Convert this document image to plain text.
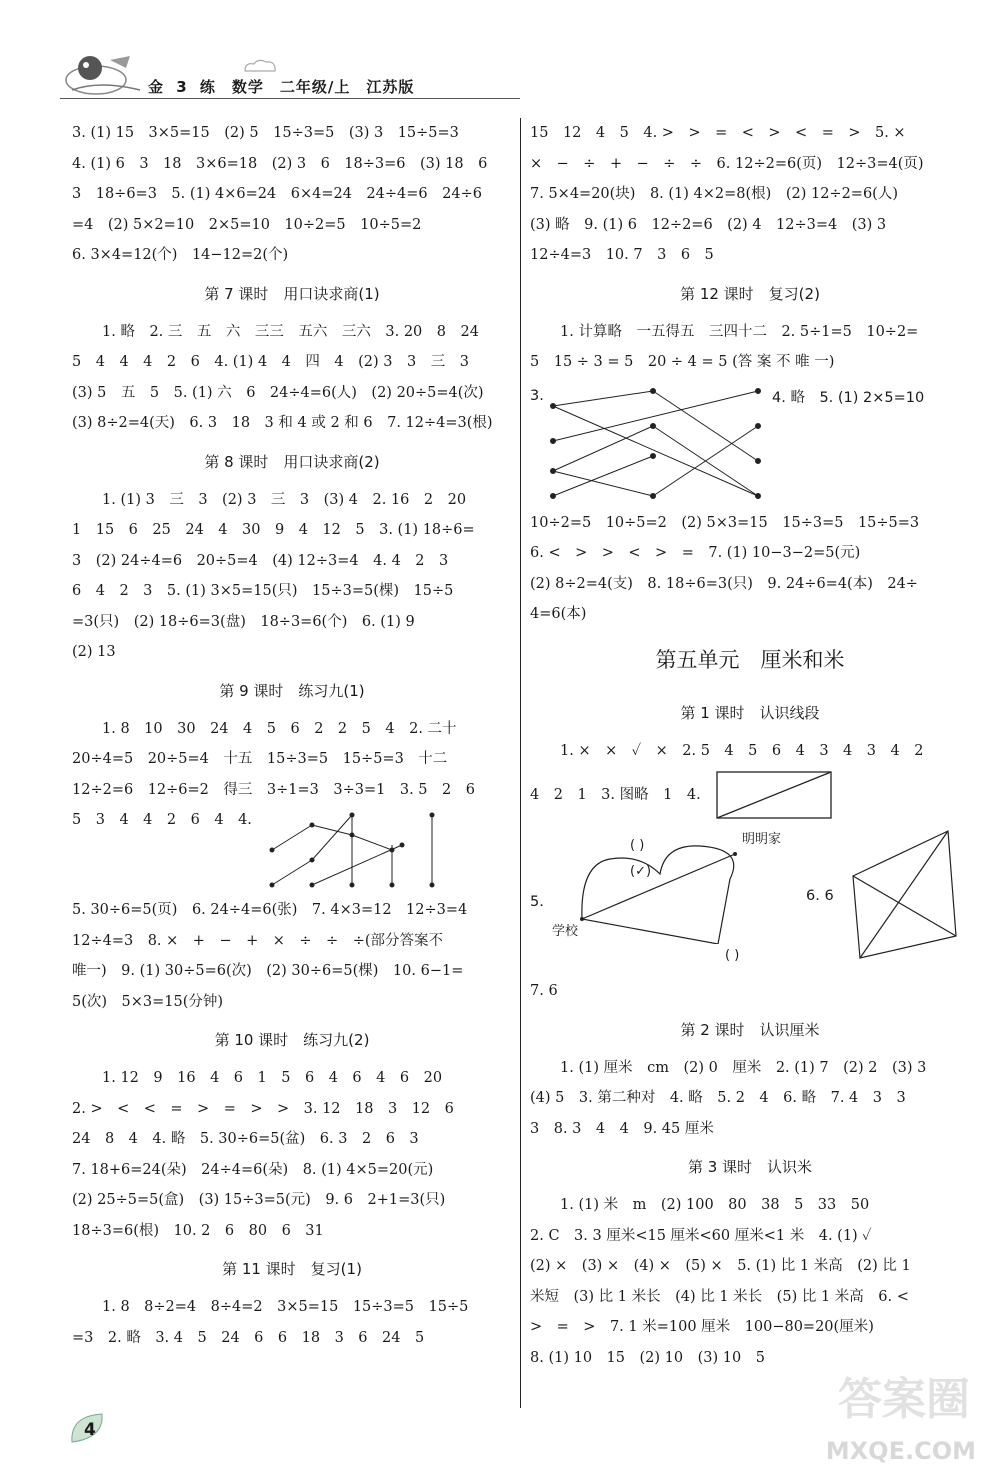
金 3 练　数学　二年级/上　江苏版
3. (1) 15　3×5=15　(2) 5　15÷3=5　(3) 3　15÷5=3
4. (1) 6　3　18　3×6=18　(2) 3　6　18÷3=6　(3) 18　6
3　18÷6=3　5. (1) 4×6=24　6×4=24　24÷4=6　24÷6
=4　(2) 5×2=10　2×5=10　10÷2=5　10÷5=2
6. 3×4=12(个)　14−12=2(个)
第 7 课时　用口诀求商(1)
1. 略　2. 三　五　六　三三　五六　三六　3. 20　8　24
5　4　4　4　2　6　4. (1) 4　4　四　4　(2) 3　3　三　3
(3) 5　五　5　5. (1) 六　6　24÷4=6(人)　(2) 20÷5=4(次)
(3) 8÷2=4(天)　6. 3　18　3 和 4 或 2 和 6　7. 12÷4=3(根)
第 8 课时　用口诀求商(2)
1. (1) 3　三　3　(2) 3　三　3　(3) 4　2. 16　2　20
1　15　6　25　24　4　30　9　4　12　5　3. (1) 18÷6=
3　(2) 24÷4=6　20÷5=4　(4) 12÷3=4　4. 4　2　3
6　4　2　3　5. (1) 3×5=15(只)　15÷3=5(棵)　15÷5
=3(只)　(2) 18÷6=3(盘)　18÷3=6(个)　6. (1) 9
(2) 13
第 9 课时　练习九(1)
1. 8　10　30　24　4　5　6　2　2　5　4　2. 二十
20÷4=5　20÷5=4　十五　15÷3=5　15÷5=3　十二
12÷2=6　12÷6=2　得三　3÷1=3　3÷3=1　3. 5　2　6
5　3　4　4　2　6　4　4.
5. 30÷6=5(页)　6. 24÷4=6(张)　7. 4×3=12　12÷3=4
12÷4=3　8. ×　+　−　+　×　÷　÷　÷(部分答案不
唯一)　9. (1) 30÷5=6(次)　(2) 30÷6=5(棵)　10. 6−1=
5(次)　5×3=15(分钟)
第 10 课时　练习九(2)
1. 12　9　16　4　6　1　5　6　4　6　4　6　20
2. >　<　<　=　>　=　>　>　3. 12　18　3　12　6
24　8　4　4. 略　5. 30÷6=5(盆)　6. 3　2　6　3
7. 18+6=24(朵)　24÷4=6(朵)　8. (1) 4×5=20(元)
(2) 25÷5=5(盒)　(3) 15÷3=5(元)　9. 6　2+1=3(只)
18÷3=6(根)　10. 2　6　80　6　31
第 11 课时　复习(1)
1. 8　8÷2=4　8÷4=2　3×5=15　15÷3=5　15÷5
=3　2. 略　3. 4　5　24　6　6　18　3　6　24　5
15　12　4　5　4. >　>　=　<　>　<　=　>　5. ×
×　−　÷　+　−　÷　÷　6. 12÷2=6(页)　12÷3=4(页)
7. 5×4=20(块)　8. (1) 4×2=8(根)　(2) 12÷2=6(人)
(3) 略　9. (1) 6　12÷2=6　(2) 4　12÷3=4　(3) 3
12÷4=3　10. 7　3　6　5
第 12 课时　复习(2)
1. 计算略　一五得五　三四十二　2. 5÷1=5　10÷2=
5　15 ÷ 3 = 5　20 ÷ 4 = 5 (答 案 不 唯 一)
3.	4. 略　5. (1) 2×5=10
10÷2=5　10÷5=2　(2) 5×3=15　15÷3=5　15÷5=3
6. <　>　>　<　>　=　7. (1) 10−3−2=5(元)
(2) 8÷2=4(支)　8. 18÷6=3(只)　9. 24÷6=4(本)　24÷
4=6(本)
第五单元　厘米和米
第 1 课时　认识线段
1. ×　×　✓　×　2. 5　4　5　6　4　3　4　3　4　2
4　2　1　3. 图略　1　4.
5.
明明家
学校
( )
(✓)
( )
6. 6
7. 6
第 2 课时　认识厘米
1. (1) 厘米　cm　(2) 0　厘米　2. (1) 7　(2) 2　(3) 3
(4) 5　3. 第二种对　4. 略　5. 2　4　6. 略　7. 4　3　3
3　8. 3　4　4　9. 45 厘米
第 3 课时　认识米
1. (1) 米　m　(2) 100　80　38　5　33　50
2. C　3. 3 厘米<15 厘米<60 厘米<1 米　4. (1) ✓
(2) ×　(3) ×　(4) ×　(5) ×　5. (1) 比 1 米高　(2) 比 1
米短　(3) 比 1 米长　(4) 比 1 米长　(5) 比 1 米高　6. <
>　=　>　7. 1 米=100 厘米　100−80=20(厘米)
8. (1) 10　15　(2) 10　(3) 10　5
4
答案圈
MXQE.COM
